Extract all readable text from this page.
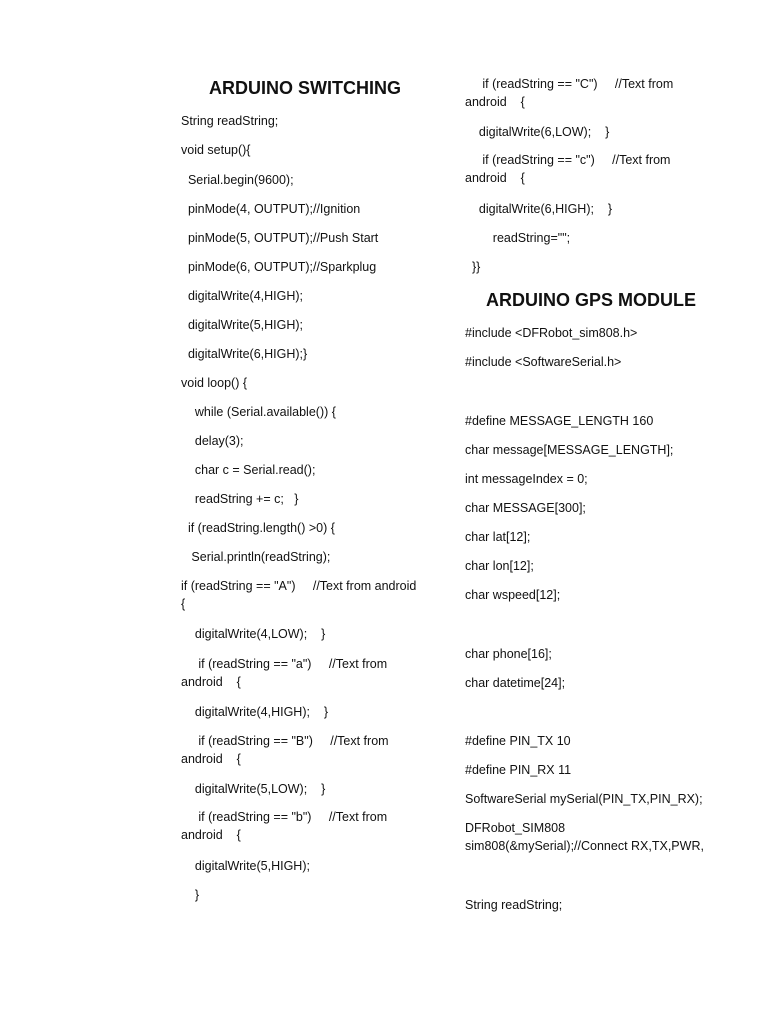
ARDUINO SWITCHING
String readString;
void setup(){
Serial.begin(9600);
pinMode(4, OUTPUT);//Ignition
pinMode(5, OUTPUT);//Push Start
pinMode(6, OUTPUT);//Sparkplug
digitalWrite(4,HIGH);
digitalWrite(5,HIGH);
digitalWrite(6,HIGH);}
void loop() {
while (Serial.available()) {
delay(3);
char c = Serial.read();
readString += c;   }
if (readString.length() >0) {
Serial.println(readString);
if (readString == "A")     //Text from android    {
digitalWrite(4,LOW);    }
if (readString == "a")     //Text from android    {
digitalWrite(4,HIGH);    }
if (readString == "B")     //Text from android    {
digitalWrite(5,LOW);    }
if (readString == "b")     //Text from android    {
digitalWrite(5,HIGH);
}
if (readString == "C")     //Text from android    {
digitalWrite(6,LOW);    }
if (readString == "c")     //Text from android    {
digitalWrite(6,HIGH);    }
readString="";
}}
ARDUINO GPS MODULE
#include <DFRobot_sim808.h>
#include <SoftwareSerial.h>
#define MESSAGE_LENGTH 160
char message[MESSAGE_LENGTH];
int messageIndex = 0;
char MESSAGE[300];
char lat[12];
char lon[12];
char wspeed[12];
char phone[16];
char datetime[24];
#define PIN_TX 10
#define PIN_RX 11
SoftwareSerial mySerial(PIN_TX,PIN_RX);
DFRobot_SIM808 sim808(&mySerial);//Connect RX,TX,PWR,
String readString;
